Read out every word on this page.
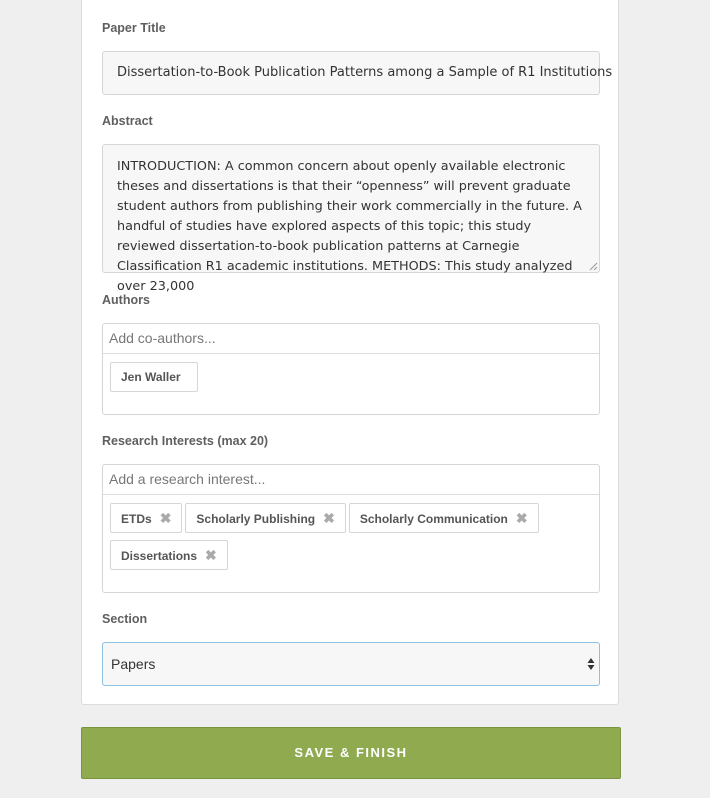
Paper Title
Dissertation-to-Book Publication Patterns among a Sample of R1 Institutions
Abstract
INTRODUCTION: A common concern about openly available electronic theses and dissertations is that their “openness” will prevent graduate student authors from publishing their work commercially in the future. A handful of studies have explored aspects of this topic; this study reviewed dissertation-to-book publication patterns at Carnegie Classification R1 academic institutions. METHODS: This study analyzed over 23,000
Authors
Add co-authors...
Jen Waller
Research Interests (max 20)
Add a research interest...
ETDs ✖ Scholarly Publishing ✖ Scholarly Communication ✖
Dissertations ✖
Section
Papers
SAVE & FINISH
